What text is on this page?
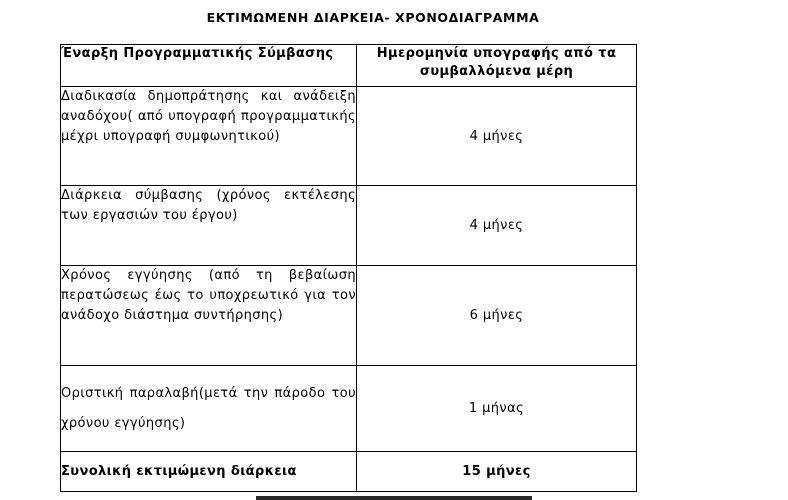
ΕΚΤΙΜΩΜΕΝΗ ΔΙΑΡΚΕΙΑ- ΧΡΟΝΟΔΙΑΓΡΑΜΜΑ
Έναρξη Προγραμματικής Σύμβασης	Ημερομηνία υπογραφής από τα συμβαλλόμενα μέρη
Διαδικασία δημοπράτησης και ανάδειξη αναδόχου( από υπογραφή προγραμματικής μέχρι υπογραφή συμφωνητικού)	4 μήνες
Διάρκεια σύμβασης (χρόνος εκτέλεσης των εργασιών του έργου)	4 μήνες
Χρόνος εγγύησης (από τη βεβαίωση περατώσεως έως το υποχρεωτικό για τον ανάδοχο διάστημα συντήρησης)	6 μήνες
Οριστική παραλαβή(μετά την πάροδο του χρόνου εγγύησης)	1 μήνας
Συνολική εκτιμώμενη διάρκεια	15 μήνες
